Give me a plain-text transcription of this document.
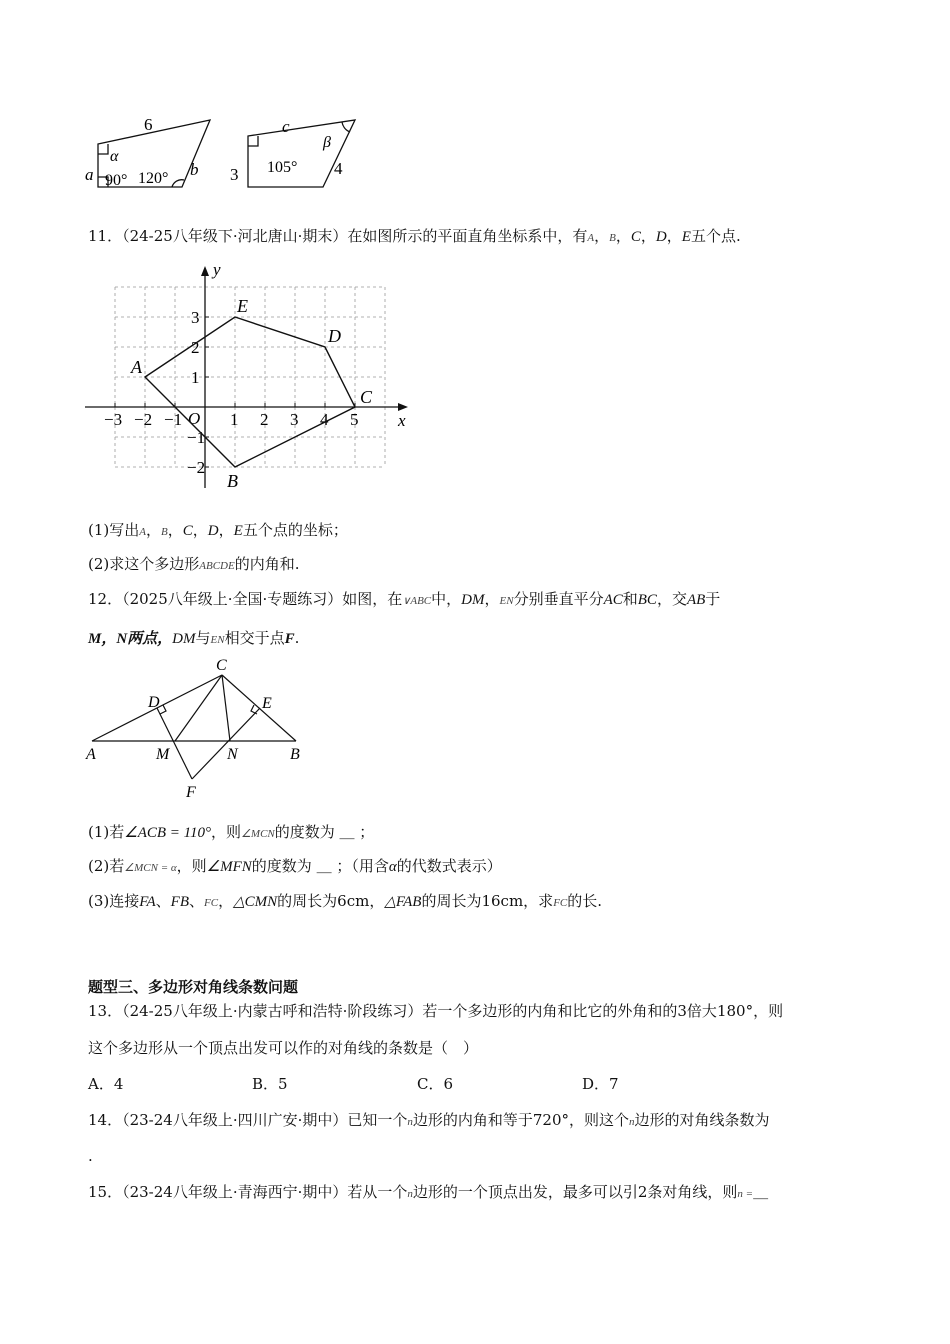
6
α
a 90° 120° b
c
β
3 105° 4
11．（24-25八年级下·河北唐山·期末）在如图所示的平面直角坐标系中，有A，B，C，D，E五个点.
y
x
O
−3 −2 −1	1 2 3 4 5
3
2
1
−1
−2
A
B
C
D
E
(1)写出A，B，C，D，E五个点的坐标；
(2)求这个多边形ABCDE的内角和.
12．（2025八年级上·全国·专题练习）如图，在∨ABC中，DM，EN分别垂直平分AC和BC，交AB于
M，N两点，DM与EN相交于点F.
C
D	E
A	M	N	B
F
(1)若∠ACB = 110°，则∠MCN的度数为 ＿ ；
(2)若∠MCN = α，则∠MFN的度数为 ＿ ；（用含α的代数式表示）
(3)连接FA、FB、FC，△CMN的周长为6cm，△FAB的周长为16cm，求FC的长.
题型三、多边形对角线条数问题
13．（24-25八年级上·内蒙古呼和浩特·阶段练习）若一个多边形的内角和比它的外角和的3倍大180°，则
这个多边形从一个顶点出发可以作的对角线的条数是（　）
A．4	B．5	C．6	D．7
14．（23-24八年级上·四川广安·期中）已知一个n边形的内角和等于720°，则这个n边形的对角线条数为
.
15．（23-24八年级上·青海西宁·期中）若从一个n边形的一个顶点出发，最多可以引2条对角线，则n =＿
